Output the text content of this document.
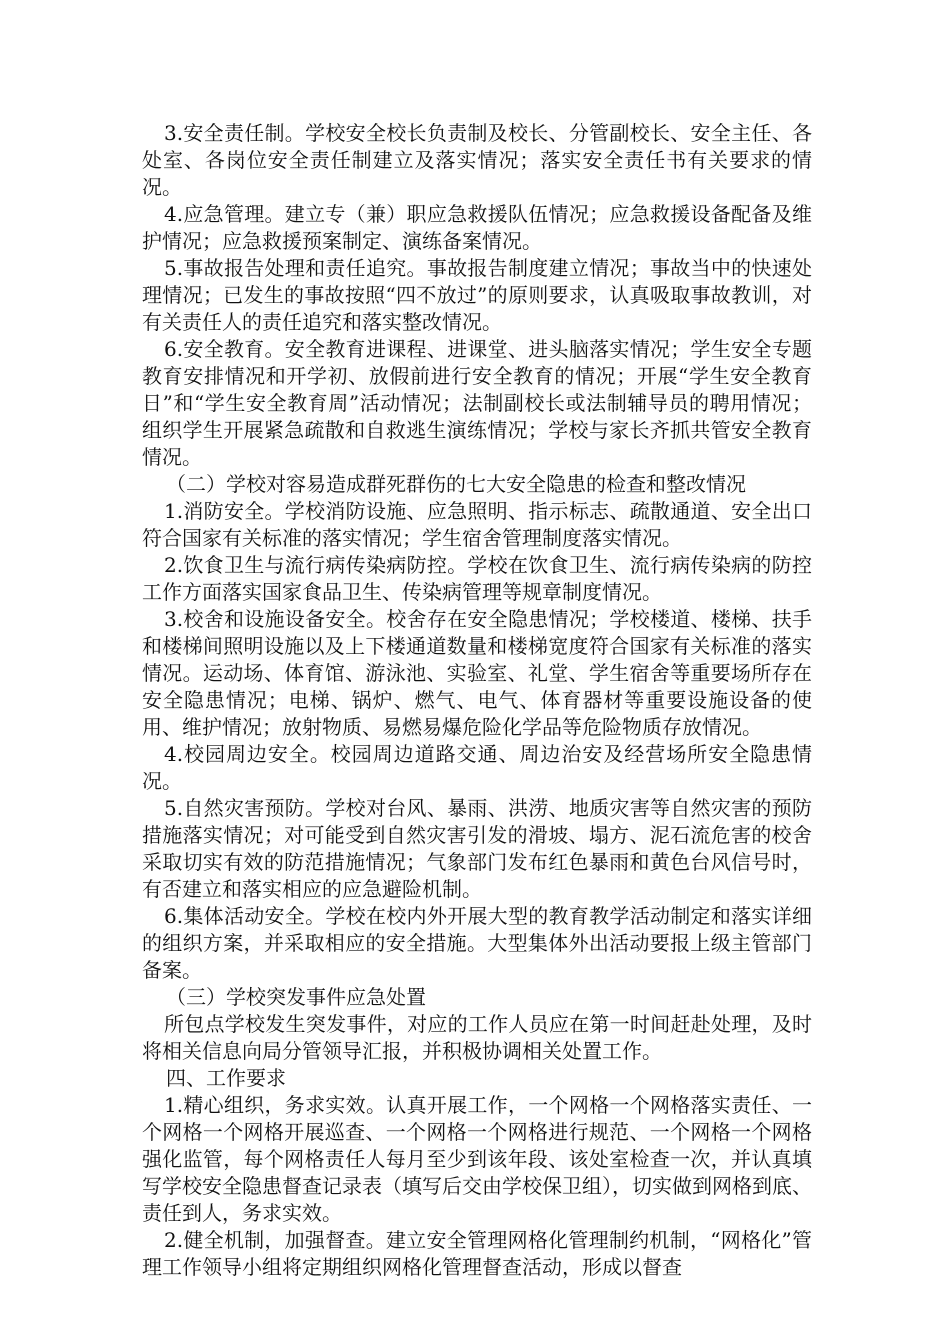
3.安全责任制。学校安全校长负责制及校长、分管副校长、安全主任、各处室、各岗位安全责任制建立及落实情况；落实安全责任书有关要求的情况。

4.应急管理。建立专（兼）职应急救援队伍情况；应急救援设备配备及维护情况；应急救援预案制定、演练备案情况。

5.事故报告处理和责任追究。事故报告制度建立情况；事故当中的快速处理情况；已发生的事故按照“四不放过”的原则要求，认真吸取事故教训，对有关责任人的责任追究和落实整改情况。

6.安全教育。安全教育进课程、进课堂、进头脑落实情况；学生安全专题教育安排情况和开学初、放假前进行安全教育的情况；开展“学生安全教育日”和“学生安全教育周”活动情况；法制副校长或法制辅导员的聘用情况；组织学生开展紧急疏散和自救逃生演练情况；学校与家长齐抓共管安全教育情况。

（二）学校对容易造成群死群伤的七大安全隐患的检查和整改情况

1.消防安全。学校消防设施、应急照明、指示标志、疏散通道、安全出口符合国家有关标准的落实情况；学生宿舍管理制度落实情况。

2.饮食卫生与流行病传染病防控。学校在饮食卫生、流行病传染病的防控工作方面落实国家食品卫生、传染病管理等规章制度情况。

3.校舍和设施设备安全。校舍存在安全隐患情况；学校楼道、楼梯、扶手和楼梯间照明设施以及上下楼通道数量和楼梯宽度符合国家有关标准的落实情况。运动场、体育馆、游泳池、实验室、礼堂、学生宿舍等重要场所存在安全隐患情况；电梯、锅炉、燃气、电气、体育器材等重要设施设备的使用、维护情况；放射物质、易燃易爆危险化学品等危险物质存放情况。

4.校园周边安全。校园周边道路交通、周边治安及经营场所安全隐患情况。

5.自然灾害预防。学校对台风、暴雨、洪涝、地质灾害等自然灾害的预防措施落实情况；对可能受到自然灾害引发的滑坡、塌方、泥石流危害的校舍采取切实有效的防范措施情况；气象部门发布红色暴雨和黄色台风信号时，有否建立和落实相应的应急避险机制。

6.集体活动安全。学校在校内外开展大型的教育教学活动制定和落实详细的组织方案，并采取相应的安全措施。大型集体外出活动要报上级主管部门备案。

（三）学校突发事件应急处置

所包点学校发生突发事件，对应的工作人员应在第一时间赶赴处理，及时将相关信息向局分管领导汇报，并积极协调相关处置工作。

四、工作要求

1.精心组织，务求实效。认真开展工作，一个网格一个网格落实责任、一个网格一个网格开展巡查、一个网格一个网格进行规范、一个网格一个网格强化监管，每个网格责任人每月至少到该年段、该处室检查一次，并认真填写学校安全隐患督查记录表（填写后交由学校保卫组），切实做到网格到底、责任到人，务求实效。

2.健全机制，加强督查。建立安全管理网格化管理制约机制，“网格化”管理工作领导小组将定期组织网格化管理督查活动，形成以督查
